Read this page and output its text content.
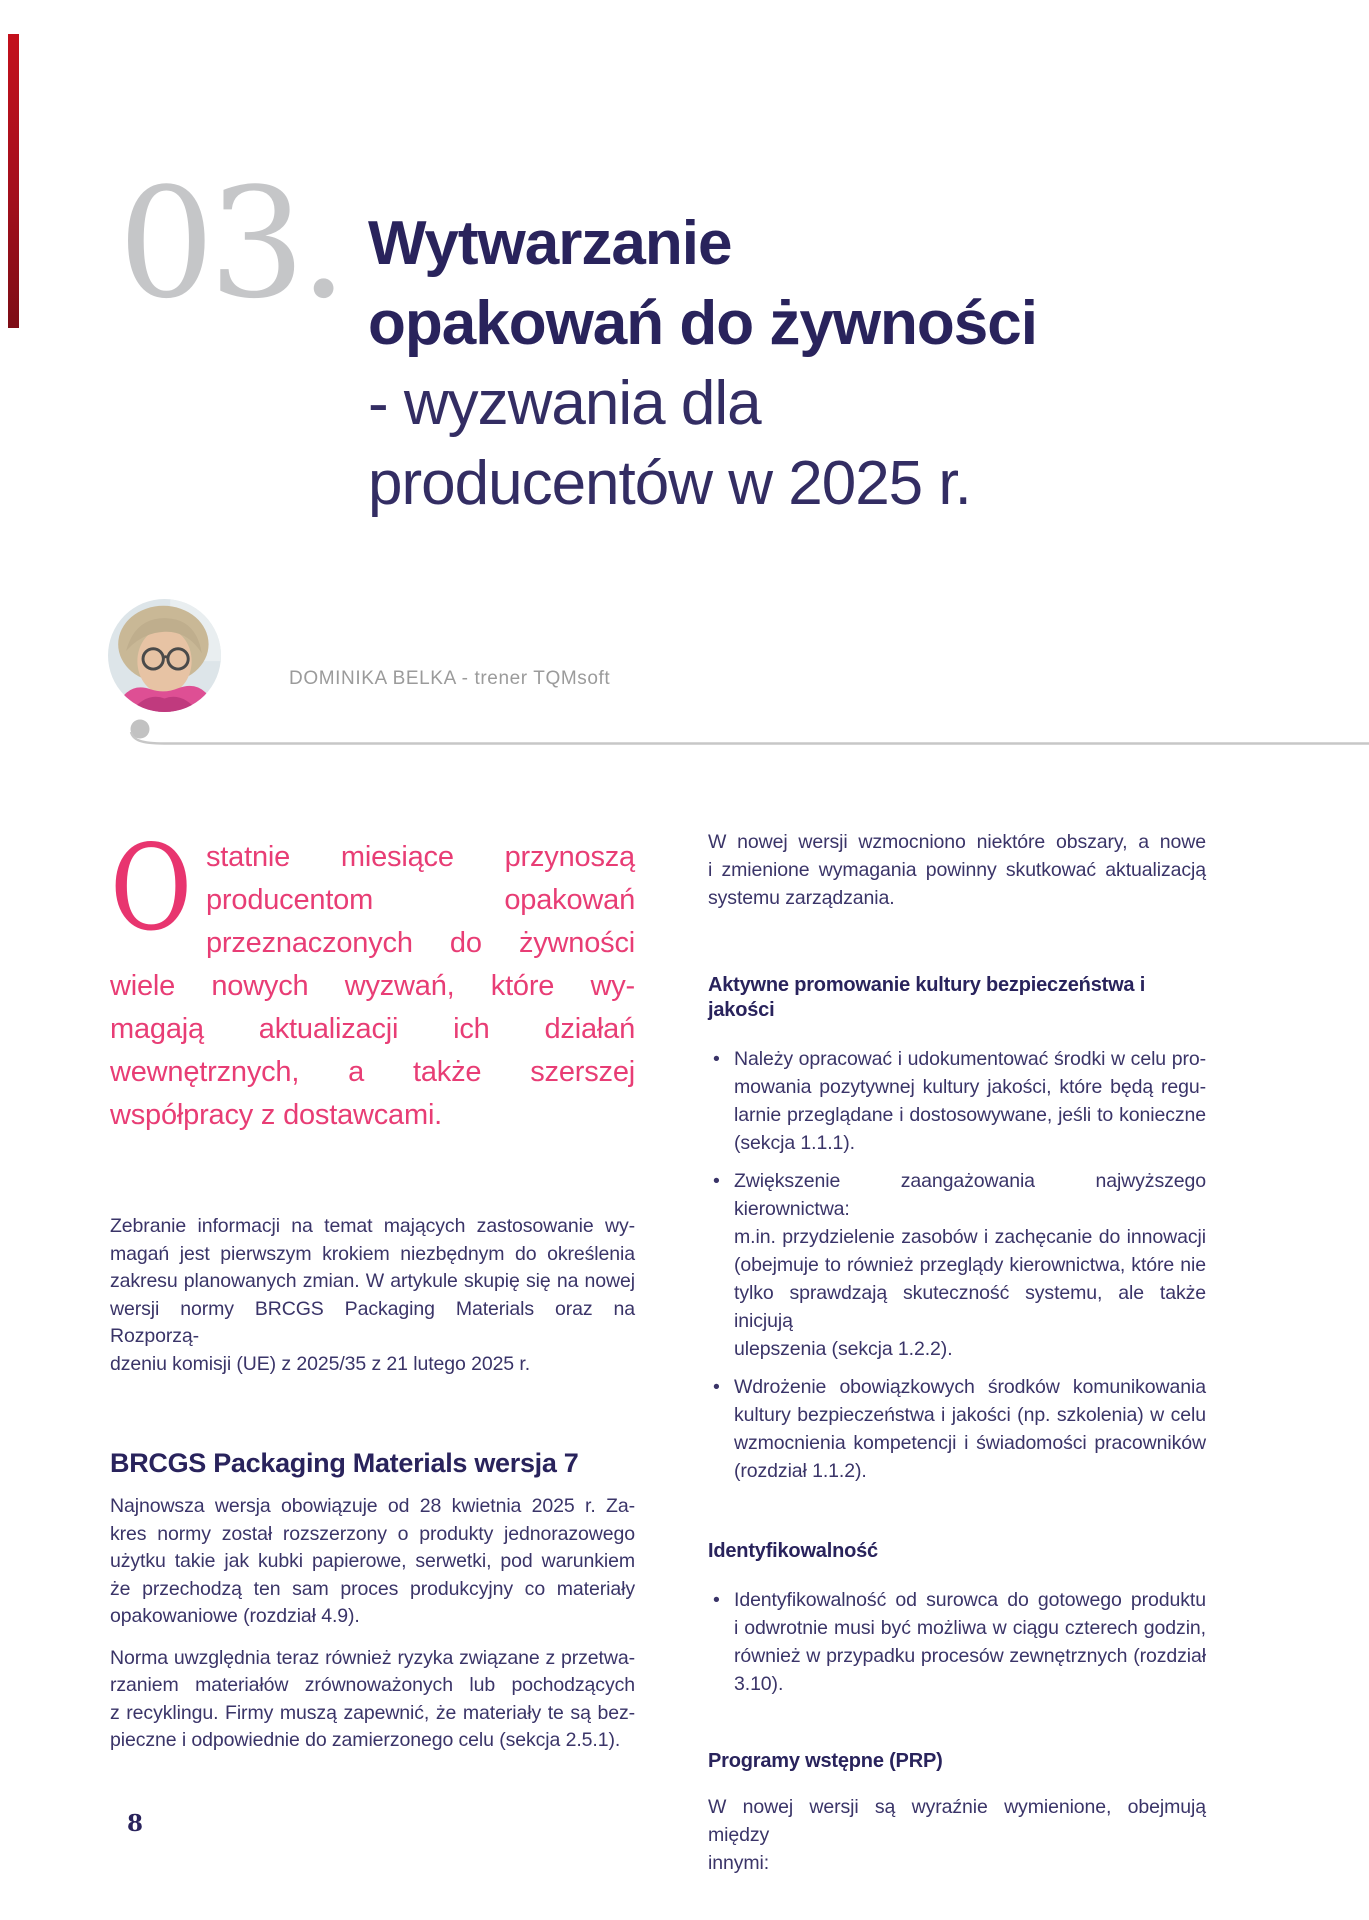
03. Wytwarzanie
opakowań do żywności
- wyzwania dla
producentów w 2025 r.
DOMINIKA BELKA - trener TQMsoft
O statnie miesiące przynoszą
producentom opakowań
przeznaczonych do żywności
wiele nowych wyzwań, które wy-
magają aktualizacji ich działań
wewnętrznych, a także szerszej
współpracy z dostawcami.
Zebranie informacji na temat mających zastosowanie wy-
magań jest pierwszym krokiem niezbędnym do określenia
zakresu planowanych zmian. W artykule skupię się na nowej
wersji normy BRCGS Packaging Materials oraz na Rozporzą-
dzeniu komisji (UE) z 2025/35 z 21 lutego 2025 r.
BRCGS Packaging Materials wersja 7
Najnowsza wersja obowiązuje od 28 kwietnia 2025 r. Za-
kres normy został rozszerzony o produkty jednorazowego
użytku takie jak kubki papierowe, serwetki, pod warunkiem
że przechodzą ten sam proces produkcyjny co materiały
opakowaniowe (rozdział 4.9).
Norma uwzględnia teraz również ryzyka związane z przetwa-
rzaniem materiałów zrównoważonych lub pochodzących
z recyklingu. Firmy muszą zapewnić, że materiały te są bez-
pieczne i odpowiednie do zamierzonego celu (sekcja 2.5.1).
W nowej wersji wzmocniono niektóre obszary, a nowe
i zmienione wymagania powinny skutkować aktualizacją
systemu zarządzania.
Aktywne promowanie kultury bezpieczeństwa i jakości
• Należy opracować i udokumentować środki w celu pro-
mowania pozytywnej kultury jakości, które będą regu-
larnie przeglądane i dostosowywane, jeśli to konieczne
(sekcja 1.1.1).
• Zwiększenie zaangażowania najwyższego kierownictwa:
m.in. przydzielenie zasobów i zachęcanie do innowacji
(obejmuje to również przeglądy kierownictwa, które nie
tylko sprawdzają skuteczność systemu, ale także inicjują
ulepszenia (sekcja 1.2.2).
• Wdrożenie obowiązkowych środków komunikowania
kultury bezpieczeństwa i jakości (np. szkolenia) w celu
wzmocnienia kompetencji i świadomości pracowników
(rozdział 1.1.2).
Identyfikowalność
• Identyfikowalność od surowca do gotowego produktu
i odwrotnie musi być możliwa w ciągu czterech godzin,
również w przypadku procesów zewnętrznych (rozdział
3.10).
Programy wstępne (PRP)
W nowej wersji są wyraźnie wymienione, obejmują między
innymi:
8
